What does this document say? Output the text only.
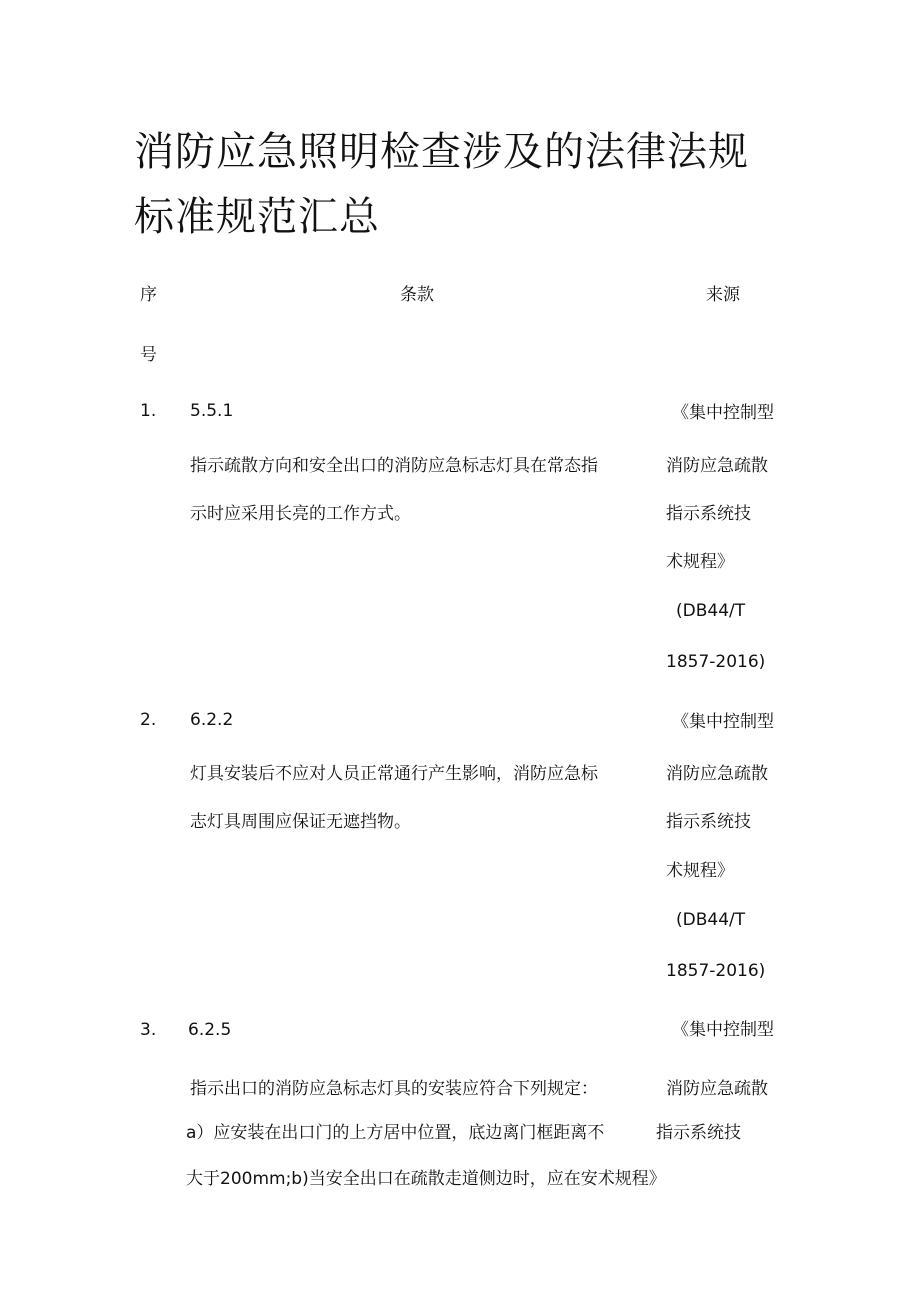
消防应急照明检查涉及的法律法规
标准规范汇总
序
号
条款	来源
1. 5.5.1
指示疏散方向和安全出口的消防应急标志灯具在常态指
示时应采用长亮的工作方式。
《集中控制型
消防应急疏散
指示系统技
术规程》
(DB44/T
1857-2016)
2. 6.2.2
灯具安装后不应对人员正常通行产生影响，消防应急标
志灯具周围应保证无遮挡物。
《集中控制型
消防应急疏散
指示系统技
术规程》
(DB44/T
1857-2016)
3. 6.2.5
指示出口的消防应急标志灯具的安装应符合下列规定：
a）应安装在出口门的上方居中位置，底边离门框距离不
大于200mm;b)当安全出口在疏散走道侧边时，应在安术规程》
《集中控制型
消防应急疏散
指示系统技
